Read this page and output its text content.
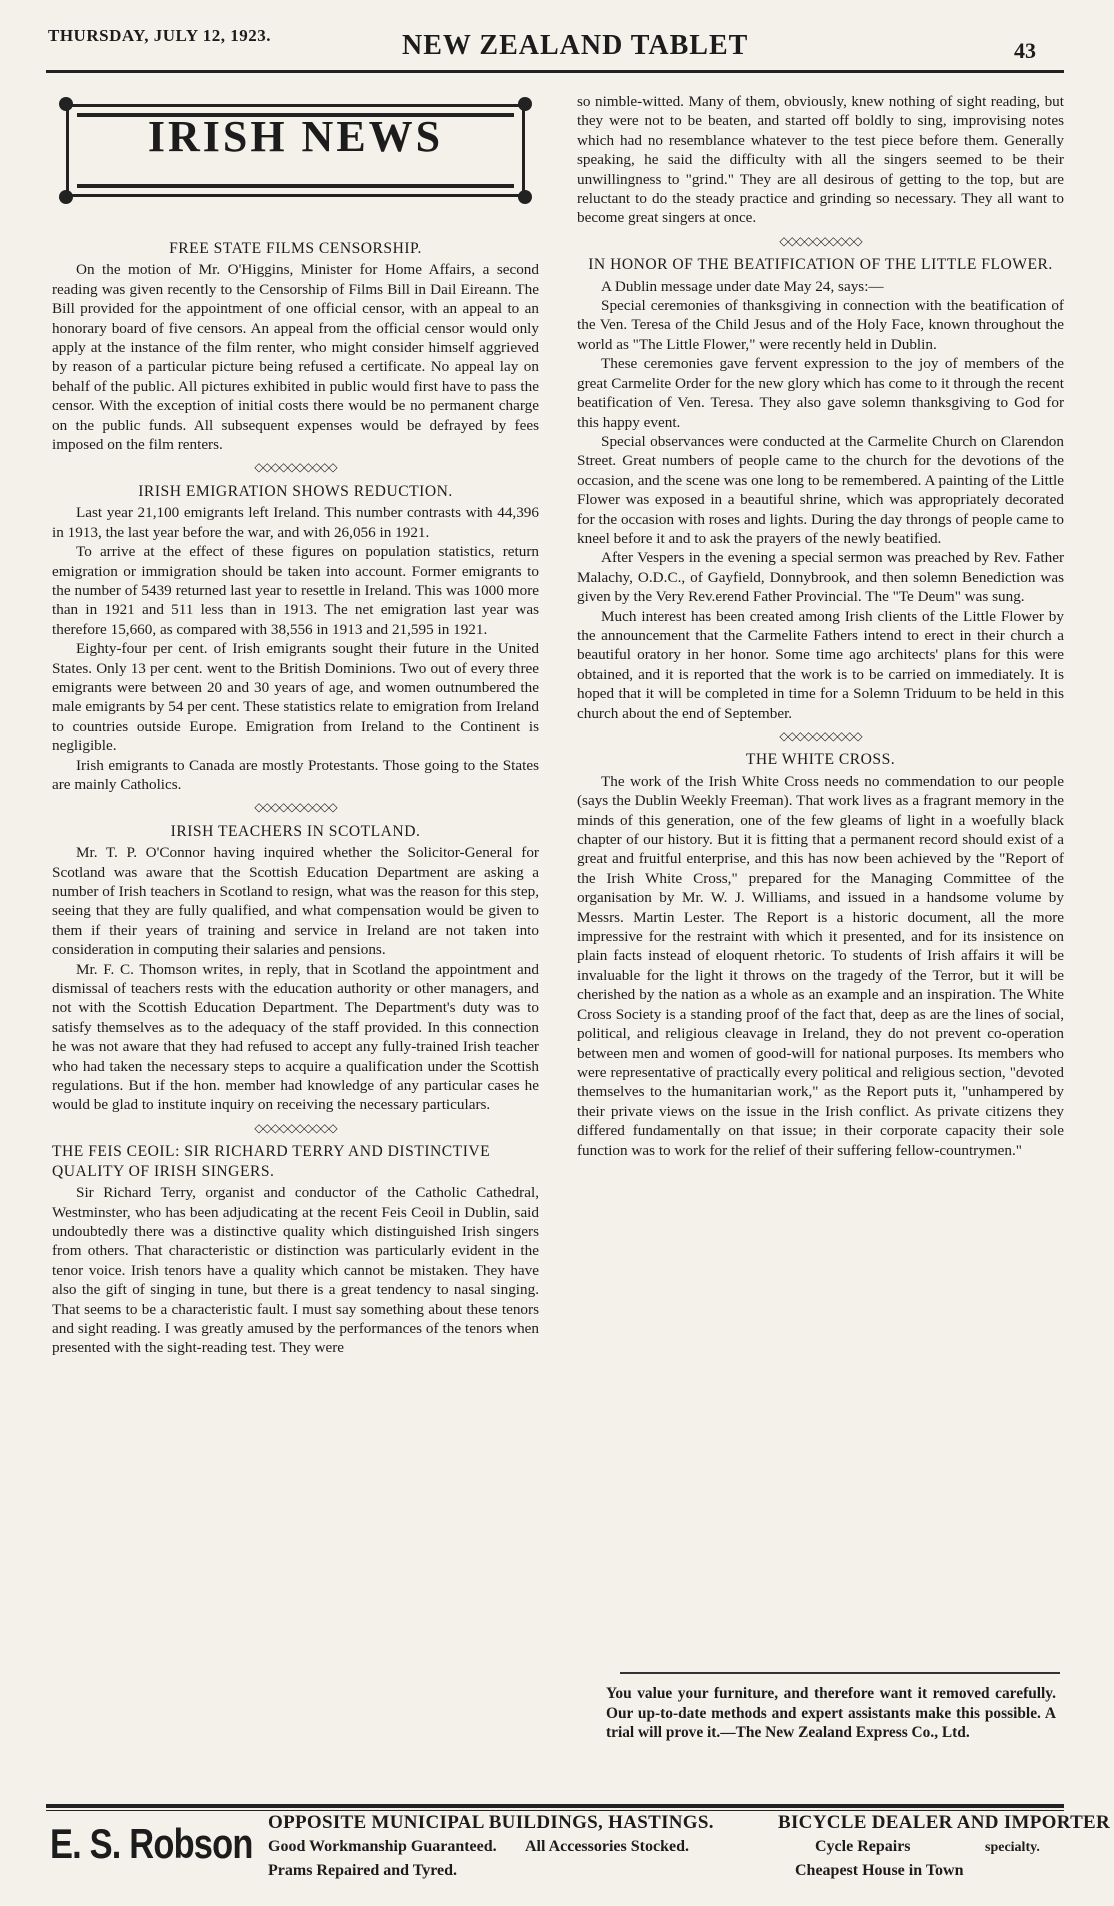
THURSDAY, JULY 12, 1923.	NEW ZEALAND TABLET	43
IRISH NEWS
FREE STATE FILMS CENSORSHIP.

On the motion of Mr. O'Higgins, Minister for Home Affairs, a second reading was given recently to the Censorship of Films Bill in Dail Eireann. The Bill provided for the appointment of one official censor, with an appeal to an honorary board of five censors. An appeal from the official censor would only apply at the instance of the film renter, who might consider himself aggrieved by reason of a particular picture being refused a certificate. No appeal lay on behalf of the public. All pictures exhibited in public would first have to pass the censor. With the exception of initial costs there would be no permanent charge on the public funds. All subsequent expenses would be defrayed by fees imposed on the film renters.

◇◇◇◇◇◇◇◇◇◇
IRISH EMIGRATION SHOWS REDUCTION.

Last year 21,100 emigrants left Ireland. This number contrasts with 44,396 in 1913, the last year before the war, and with 26,056 in 1921.

To arrive at the effect of these figures on population statistics, return emigration or immigration should be taken into account. Former emigrants to the number of 5439 returned last year to resettle in Ireland. This was 1000 more than in 1921 and 511 less than in 1913. The net emigration last year was therefore 15,660, as compared with 38,556 in 1913 and 21,595 in 1921.

Eighty-four per cent. of Irish emigrants sought their future in the United States. Only 13 per cent. went to the British Dominions. Two out of every three emigrants were between 20 and 30 years of age, and women outnumbered the male emigrants by 54 per cent. These statistics relate to emigration from Ireland to countries outside Europe. Emigration from Ireland to the Continent is negligible.

Irish emigrants to Canada are mostly Protestants. Those going to the States are mainly Catholics.

◇◇◇◇◇◇◇◇◇◇
IRISH TEACHERS IN SCOTLAND.

Mr. T. P. O'Connor having inquired whether the Solicitor-General for Scotland was aware that the Scottish Education Department are asking a number of Irish teachers in Scotland to resign, what was the reason for this step, seeing that they are fully qualified, and what compensation would be given to them if their years of training and service in Ireland are not taken into consideration in computing their salaries and pensions.

Mr. F. C. Thomson writes, in reply, that in Scotland the appointment and dismissal of teachers rests with the education authority or other managers, and not with the Scottish Education Department. The Department's duty was to satisfy themselves as to the adequacy of the staff provided. In this connection he was not aware that they had refused to accept any fully-trained Irish teacher who had taken the necessary steps to acquire a qualification under the Scottish regulations. But if the hon. member had knowledge of any particular cases he would be glad to institute inquiry on receiving the necessary particulars.

◇◇◇◇◇◇◇◇◇◇
THE FEIS CEOIL: SIR RICHARD TERRY AND DISTINCTIVE QUALITY OF IRISH SINGERS.

Sir Richard Terry, organist and conductor of the Catholic Cathedral, Westminster, who has been adjudicating at the recent Feis Ceoil in Dublin, said undoubtedly there was a distinctive quality which distinguished Irish singers from others. That characteristic or distinction was particularly evident in the tenor voice. Irish tenors have a quality which cannot be mistaken. They have also the gift of singing in tune, but there is a great tendency to nasal singing. That seems to be a characteristic fault. I must say something about these tenors and sight reading. I was greatly amused by the performances of the tenors when presented with the sight-reading test. They were

so nimble-witted. Many of them, obviously, knew nothing of sight reading, but they were not to be beaten, and started off boldly to sing, improvising notes which had no resemblance whatever to the test piece before them. Generally speaking, he said the difficulty with all the singers seemed to be their unwillingness to "grind." They are all desirous of getting to the top, but are reluctant to do the steady practice and grinding so necessary. They all want to become great singers at once.

◇◇◇◇◇◇◇◇◇◇
IN HONOR OF THE BEATIFICATION OF THE LITTLE FLOWER.

A Dublin message under date May 24, says:—

Special ceremonies of thanksgiving in connection with the beatification of the Ven. Teresa of the Child Jesus and of the Holy Face, known throughout the world as "The Little Flower," were recently held in Dublin.

These ceremonies gave fervent expression to the joy of members of the great Carmelite Order for the new glory which has come to it through the recent beatification of Ven. Teresa. They also gave solemn thanksgiving to God for this happy event.

Special observances were conducted at the Carmelite Church on Clarendon Street. Great numbers of people came to the church for the devotions of the occasion, and the scene was one long to be remembered. A painting of the Little Flower was exposed in a beautiful shrine, which was appropriately decorated for the occasion with roses and lights. During the day throngs of people came to kneel before it and to ask the prayers of the newly beatified.

After Vespers in the evening a special sermon was preached by Rev. Father Malachy, O.D.C., of Gayfield, Donnybrook, and then solemn Benediction was given by the Very Rev.erend Father Provincial. The "Te Deum" was sung.

Much interest has been created among Irish clients of the Little Flower by the announcement that the Carmelite Fathers intend to erect in their church a beautiful oratory in her honor. Some time ago architects' plans for this were obtained, and it is reported that the work is to be carried on immediately. It is hoped that it will be completed in time for a Solemn Triduum to be held in this church about the end of September.

◇◇◇◇◇◇◇◇◇◇
THE WHITE CROSS.

The work of the Irish White Cross needs no commendation to our people (says the Dublin Weekly Freeman). That work lives as a fragrant memory in the minds of this generation, one of the few gleams of light in a woefully black chapter of our history. But it is fitting that a permanent record should exist of a great and fruitful enterprise, and this has now been achieved by the "Report of the Irish White Cross," prepared for the Managing Committee of the organisation by Mr. W. J. Williams, and issued in a handsome volume by Messrs. Martin Lester. The Report is a historic document, all the more impressive for the restraint with which it presented, and for its insistence on plain facts instead of eloquent rhetoric. To students of Irish affairs it will be invaluable for the light it throws on the tragedy of the Terror, but it will be cherished by the nation as a whole as an example and an inspiration. The White Cross Society is a standing proof of the fact that, deep as are the lines of social, political, and religious cleavage in Ireland, they do not prevent co-operation between men and women of good-will for national purposes. Its members who were representative of practically every political and religious section, "devoted themselves to the humanitarian work," as the Report puts it, "unhampered by their private views on the issue in the Irish conflict. As private citizens they differed fundamentally on that issue; in their corporate capacity their sole function was to work for the relief of their suffering fellow-countrymen."

You value your furniture, and therefore want it removed carefully. Our up-to-date methods and expert assistants make this possible. A trial will prove it.—The New Zealand Express Co., Ltd.
E. S. Robson OPPOSITE MUNICIPAL BUILDINGS, HASTINGS.	BICYCLE DEALER AND IMPORTER
Good Workmanship Guaranteed. All Accessories Stocked.	Cycle Repairs	specialty.
Prams Repaired and Tyred.	Cheapest House in Town
